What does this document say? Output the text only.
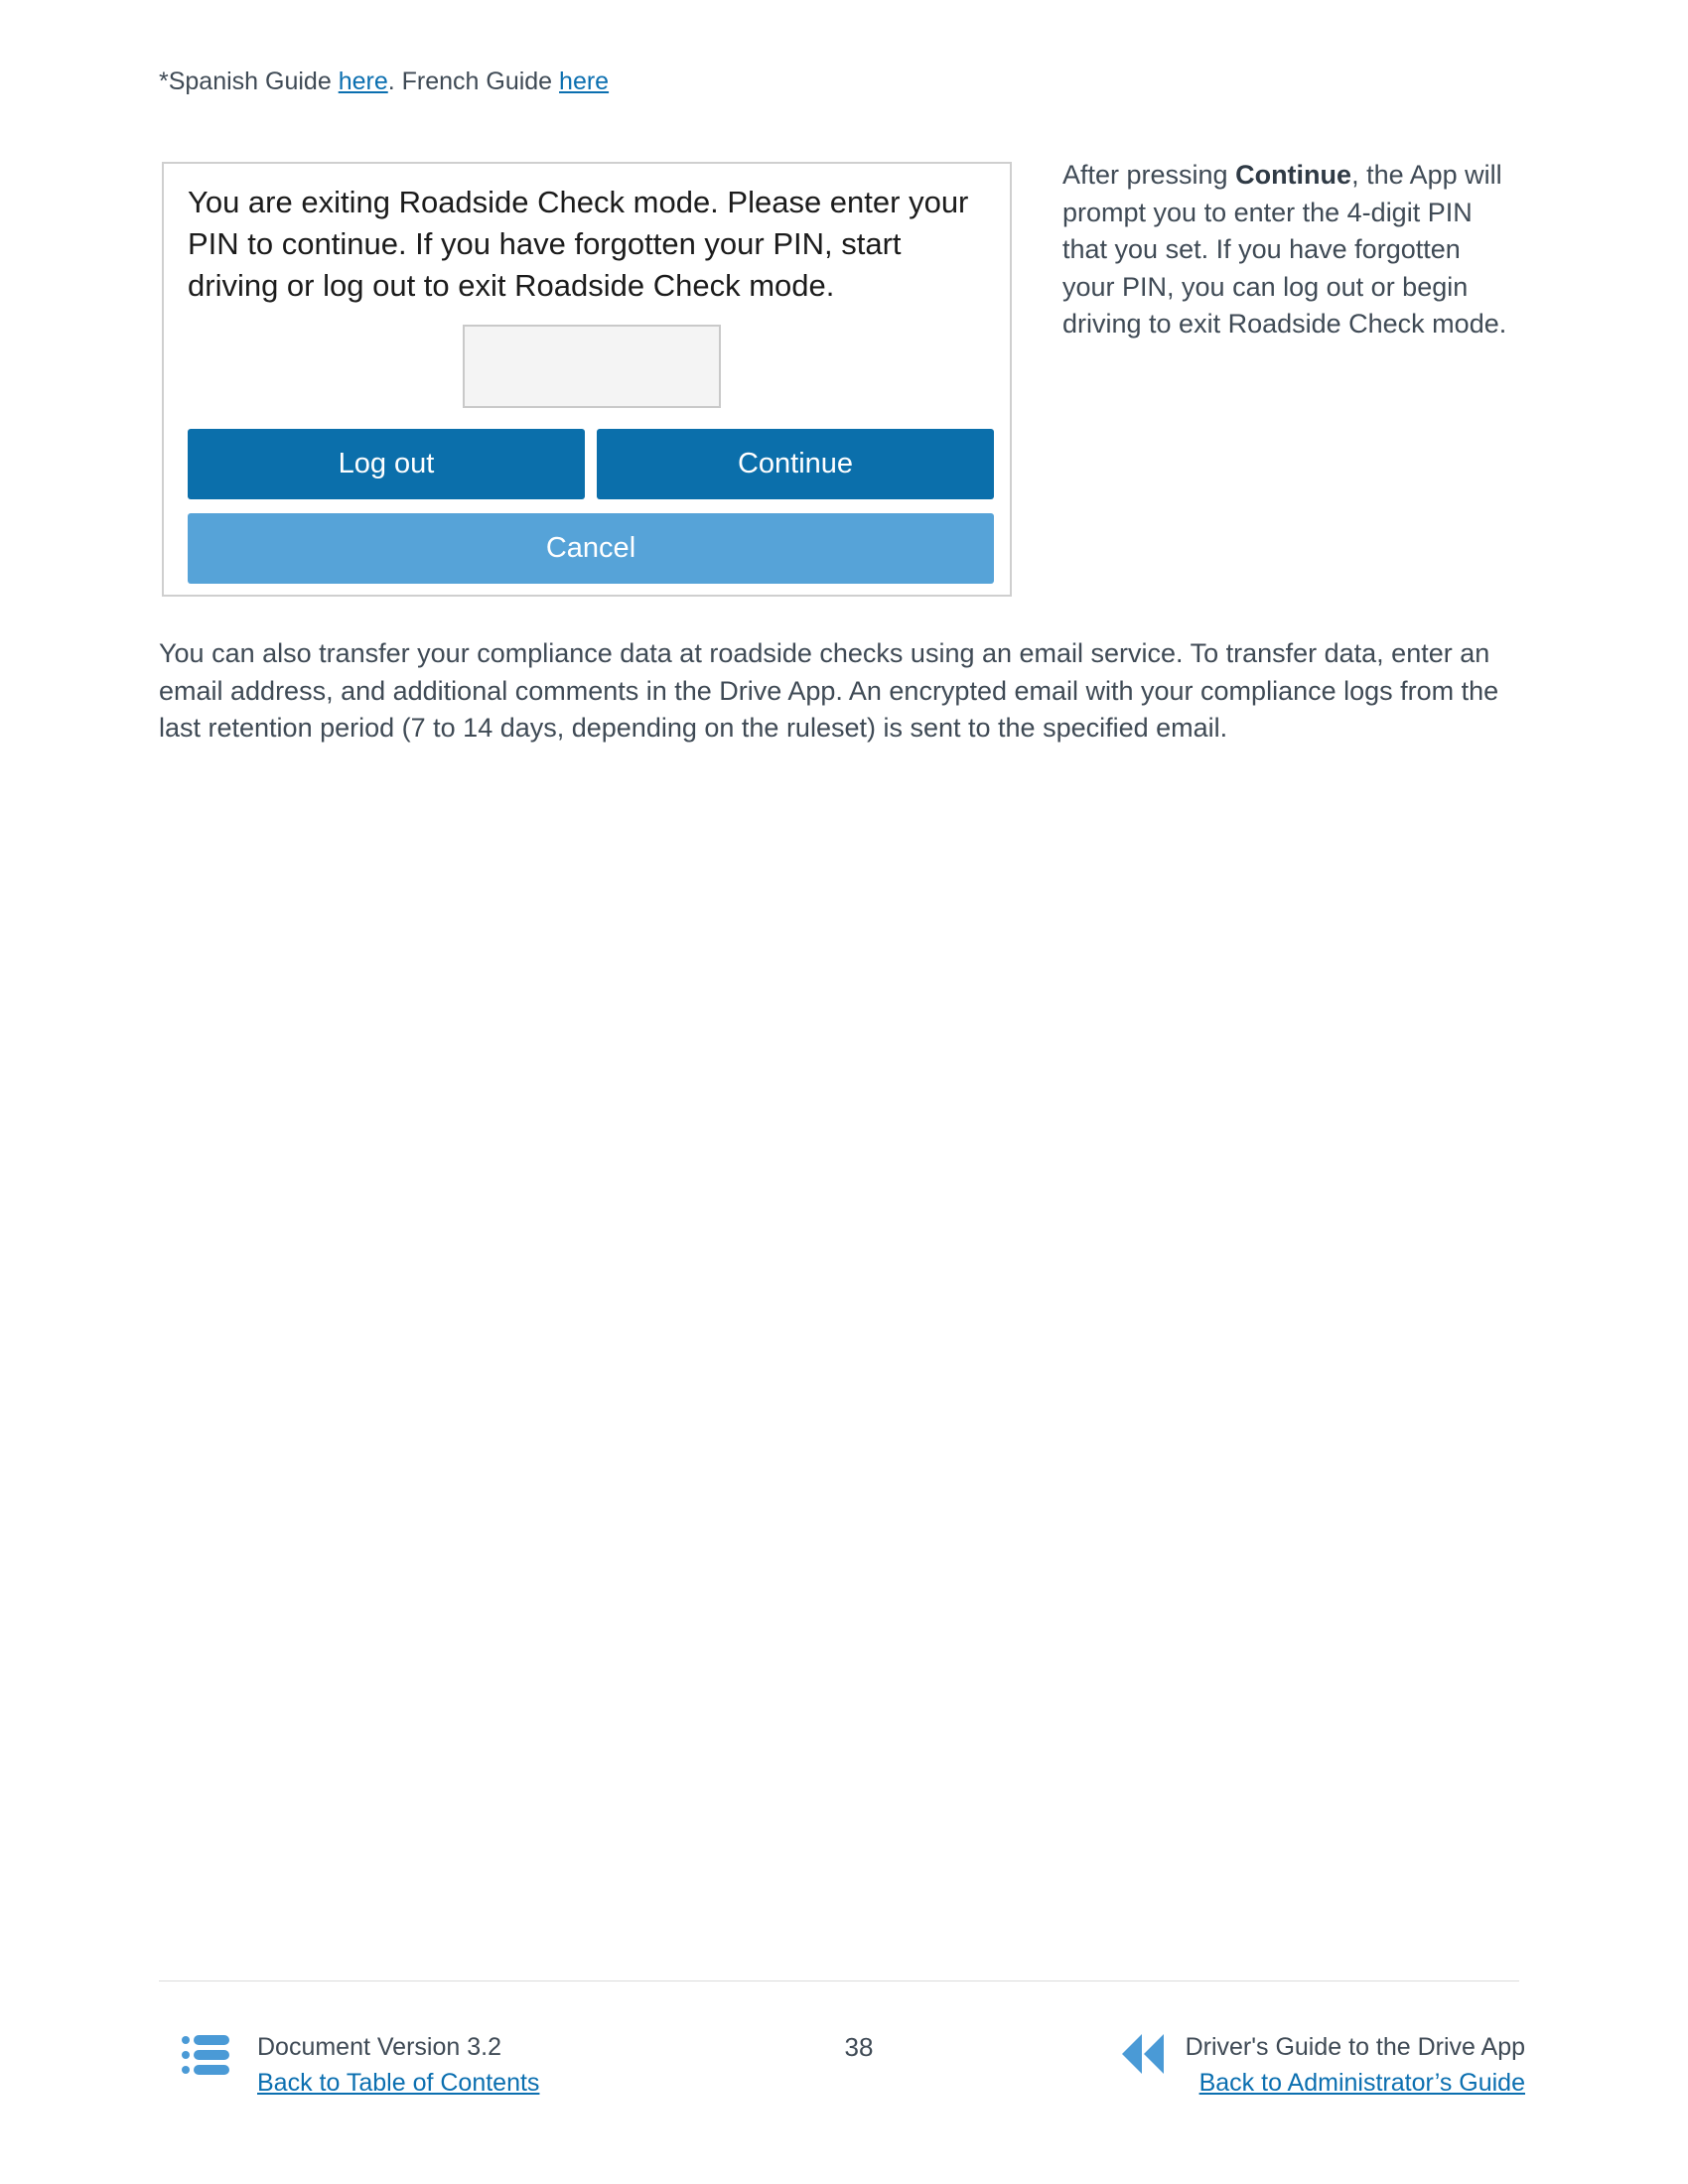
*Spanish Guide here. French Guide here
You are exiting Roadside Check mode. Please enter your PIN to continue. If you have forgotten your PIN, start driving or log out to exit Roadside Check mode.
Log out	Continue
Cancel
After pressing Continue, the App will prompt you to enter the 4-digit PIN that you set. If you have forgotten your PIN, you can log out or begin driving to exit Roadside Check mode.
You can also transfer your compliance data at roadside checks using an email service. To transfer data, enter an email address, and additional comments in the Drive App. An encrypted email with your compliance logs from the last retention period (7 to 14 days, depending on the ruleset) is sent to the specified email.
Document Version 3.2
Back to Table of Contents
38	Driver's Guide to the Drive App
Back to Administrator’s Guide
